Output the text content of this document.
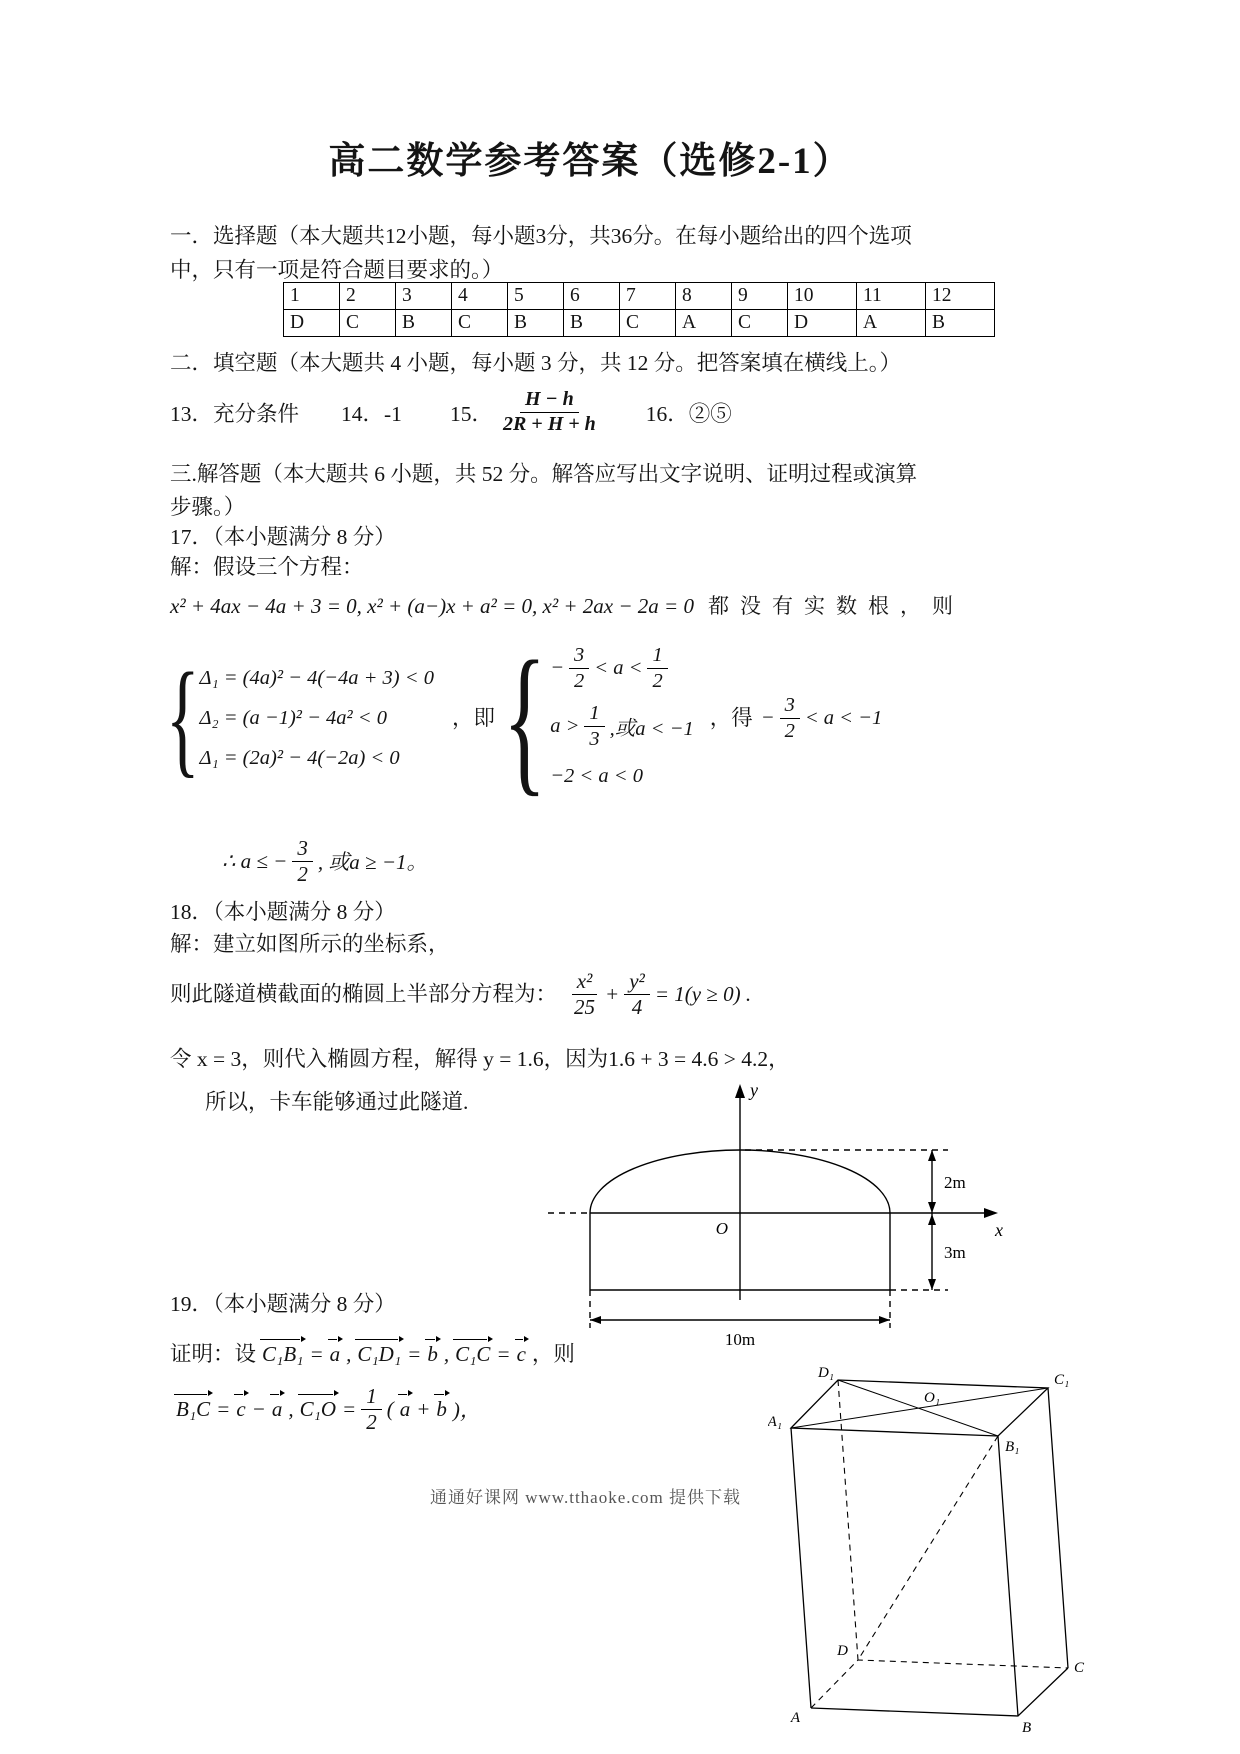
高二数学参考答案（选修2-1）
一．选择题（本大题共12小题，每小题3分，共36分。在每小题给出的四个选项
中，只有一项是符合题目要求的。）
1	2	3	4	5	6	7	8	9	10	11	12
D	C	B	C	B	B	C	A	C	D	A	B
二．填空题（本大题共 4 小题，每小题 3 分，共 12 分。把答案填在横线上。）
13．充分条件 14．-1 15． $\frac{H - h}{2R + H + h} 16$．②⑤
三.解答题（本大题共 6 小题，共 52 分。解答应写出文字说明、证明过程或演算
步骤。）
17．（本小题满分 8 分）
解：假设三个方程：
x² + 4ax − 4a + 3 = 0, x² + (a−)x + a² = 0, x² + 2ax − 2a = 0 都没有实数根，则
{ Δ₁ = (4a)² − 4(−4a + 3) < 0
Δ₂ = (a −1)² − 4a² < 0
Δ₁ = (2a)² − 4(−2a) < 0
，即 { − $\frac{3}{2} < a < \frac{1}{2}$
$a > \frac{1}{3}$ ,或a < −1
−2 < a < 0
，得 − $\frac{3}{2} < a < -1$
∴ a ≤ − $\frac{3}{2}$ , 或a ≥ −1。
18．（本小题满分 8 分）
解：建立如图所示的坐标系，
则此隧道横截面的椭圆上半部分方程为： $\frac{\text{x²}}{25} + \frac{\text{y²}}{4} = 1(y \ge 0)$ .
令 x = 3，则代入椭圆方程，解得 y = 1.6，因为1.6 + 3 = 4.6 > 4.2，
所以，卡车能够通过此隧道.	y
x
O
2m
3m
10m
19．（本小题满分 8 分）
证明：设 C₁B₁ = a , C₁D₁ = b , C₁C = c ，则
B₁C = c − a , $C_1O = \frac{1}{2}$ ( a + b )，
通通好课网 www.tthaoke.com 提供下载
D₁	C₁
A₁
B₁
O₁
D
C
A
B
